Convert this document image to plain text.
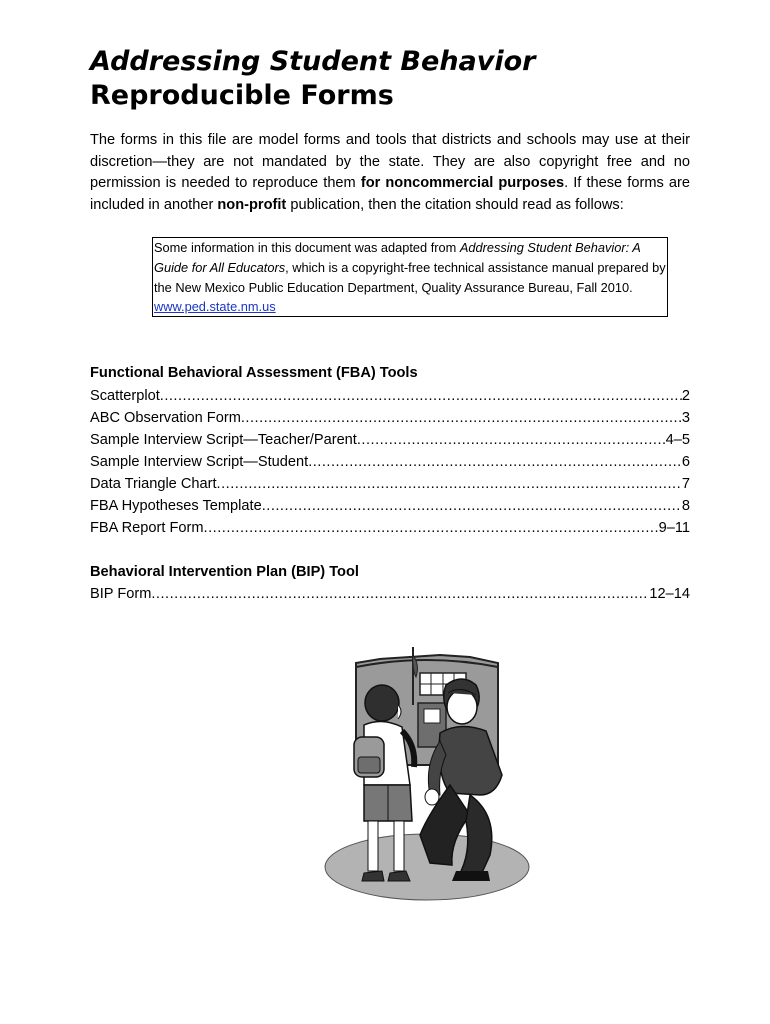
Addressing Student Behavior
Reproducible Forms

The forms in this file are model forms and tools that districts and schools may use at their discretion—they are not mandated by the state. They are also copyright free and no permission is needed to reproduce them for noncommercial purposes. If these forms are included in another non-profit publication, then the citation should read as follows:

Some information in this document was adapted from Addressing Student Behavior: A Guide for All Educators, which is a copyright-free technical assistance manual prepared by the New Mexico Public Education Department, Quality Assurance Bureau, Fall 2010. www.ped.state.nm.us
Functional Behavioral Assessment (FBA) Tools
Scatterplot .....	2
ABC Observation Form .....	3
Sample Interview Script—Teacher/Parent .....	4–5
Sample Interview Script—Student .....	6
Data Triangle Chart .....	7
FBA Hypotheses Template .....	8
FBA Report Form .....	9–11
Behavioral Intervention Plan (BIP) Tool
BIP Form .....	12–14
